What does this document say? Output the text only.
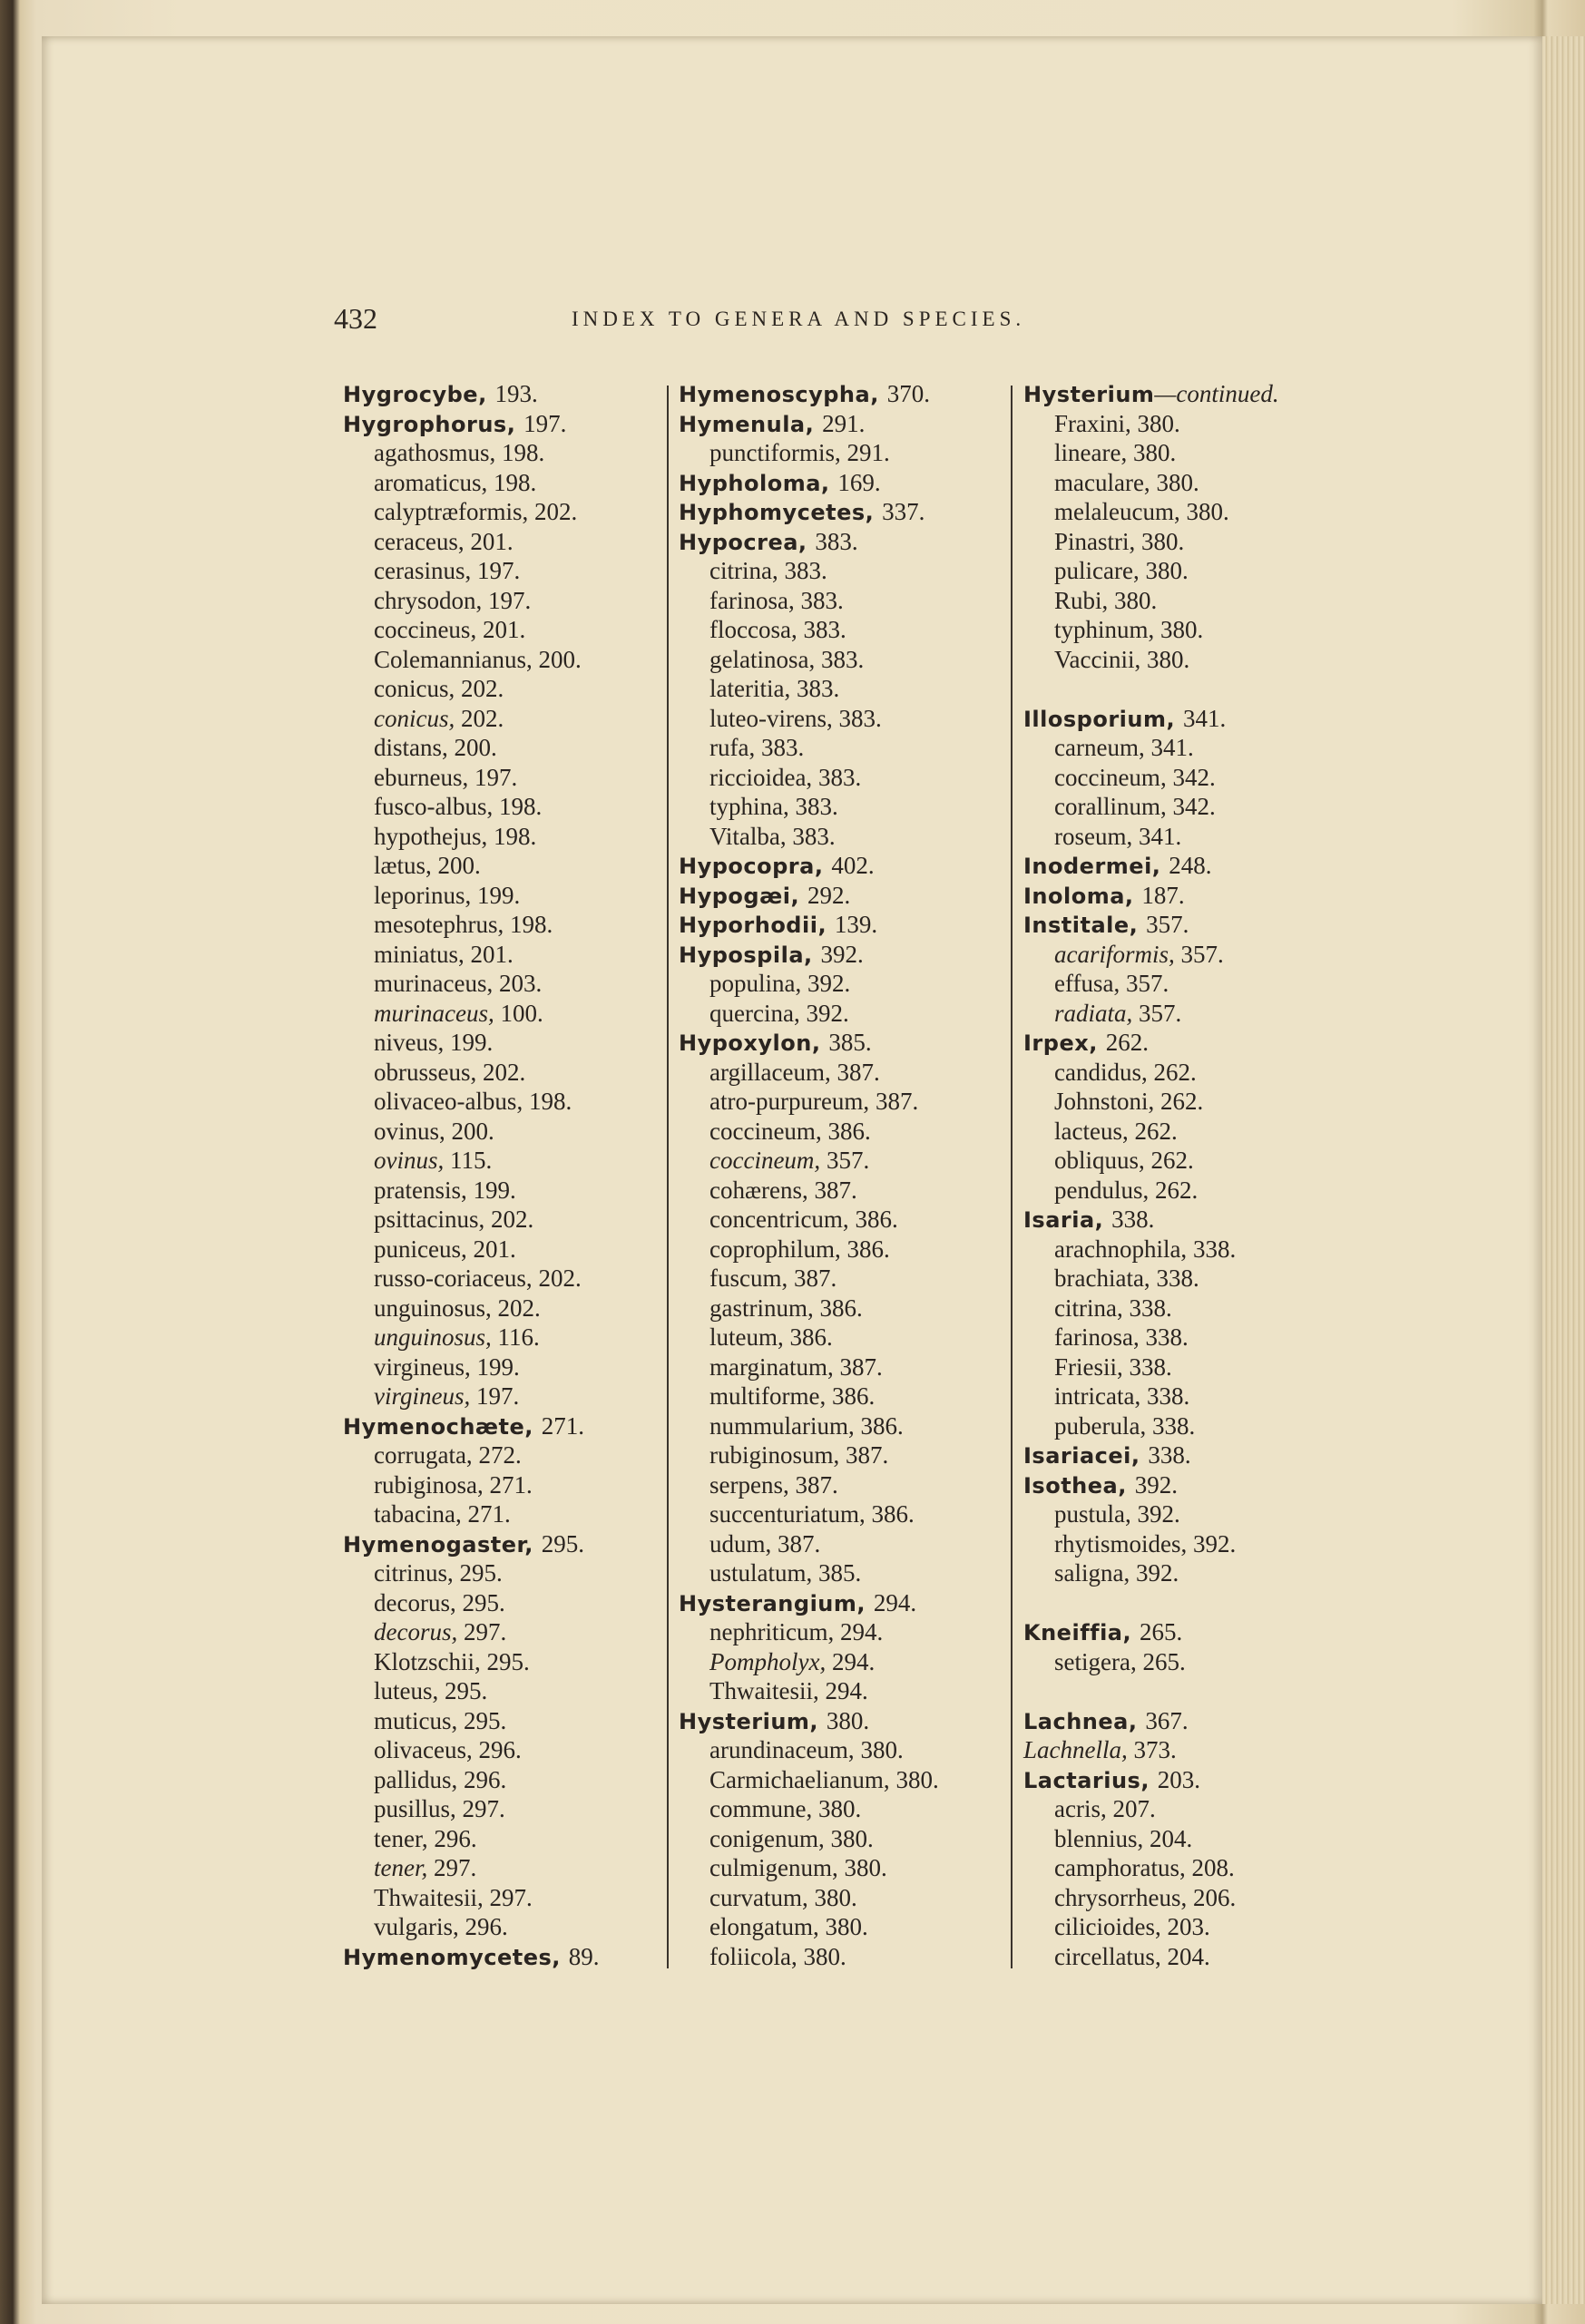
432	INDEX TO GENERA AND SPECIES.
Hygrocybe, 193.
Hygrophorus, 197.
agathosmus, 198.
aromaticus, 198.
calyptræformis, 202.
ceraceus, 201.
cerasinus, 197.
chrysodon, 197.
coccineus, 201.
Colemannianus, 200.
conicus, 202.
conicus, 202.
distans, 200.
eburneus, 197.
fusco-albus, 198.
hypothejus, 198.
lætus, 200.
leporinus, 199.
mesotephrus, 198.
miniatus, 201.
murinaceus, 203.
murinaceus, 100.
niveus, 199.
obrusseus, 202.
olivaceo-albus, 198.
ovinus, 200.
ovinus, 115.
pratensis, 199.
psittacinus, 202.
puniceus, 201.
russo-coriaceus, 202.
unguinosus, 202.
unguinosus, 116.
virgineus, 199.
virgineus, 197.
Hymenochæte, 271.
corrugata, 272.
rubiginosa, 271.
tabacina, 271.
Hymenogaster, 295.
citrinus, 295.
decorus, 295.
decorus, 297.
Klotzschii, 295.
luteus, 295.
muticus, 295.
olivaceus, 296.
pallidus, 296.
pusillus, 297.
tener, 296.
tener, 297.
Thwaitesii, 297.
vulgaris, 296.
Hymenomycetes, 89.
Hymenoscypha, 370.
Hymenula, 291.
punctiformis, 291.
Hypholoma, 169.
Hyphomycetes, 337.
Hypocrea, 383.
citrina, 383.
farinosa, 383.
floccosa, 383.
gelatinosa, 383.
lateritia, 383.
luteo-virens, 383.
rufa, 383.
riccioidea, 383.
typhina, 383.
Vitalba, 383.
Hypocopra, 402.
Hypogæi, 292.
Hyporhodii, 139.
Hypospila, 392.
populina, 392.
quercina, 392.
Hypoxylon, 385.
argillaceum, 387.
atro-purpureum, 387.
coccineum, 386.
coccineum, 357.
cohærens, 387.
concentricum, 386.
coprophilum, 386.
fuscum, 387.
gastrinum, 386.
luteum, 386.
marginatum, 387.
multiforme, 386.
nummularium, 386.
rubiginosum, 387.
serpens, 387.
succenturiatum, 386.
udum, 387.
ustulatum, 385.
Hysterangium, 294.
nephriticum, 294.
Pompholyx, 294.
Thwaitesii, 294.
Hysterium, 380.
arundinaceum, 380.
Carmichaelianum, 380.
commune, 380.
conigenum, 380.
culmigenum, 380.
curvatum, 380.
elongatum, 380.
foliicola, 380.
Hysterium—continued.
Fraxini, 380.
lineare, 380.
maculare, 380.
melaleucum, 380.
Pinastri, 380.
pulicare, 380.
Rubi, 380.
typhinum, 380.
Vaccinii, 380.
Illosporium, 341.
carneum, 341.
coccineum, 342.
corallinum, 342.
roseum, 341.
Inodermei, 248.
Inoloma, 187.
Institale, 357.
acariformis, 357.
effusa, 357.
radiata, 357.
Irpex, 262.
candidus, 262.
Johnstoni, 262.
lacteus, 262.
obliquus, 262.
pendulus, 262.
Isaria, 338.
arachnophila, 338.
brachiata, 338.
citrina, 338.
farinosa, 338.
Friesii, 338.
intricata, 338.
puberula, 338.
Isariacei, 338.
Isothea, 392.
pustula, 392.
rhytismoides, 392.
saligna, 392.
Kneiffia, 265.
setigera, 265.
Lachnea, 367.
Lachnella, 373.
Lactarius, 203.
acris, 207.
blennius, 204.
camphoratus, 208.
chrysorrheus, 206.
cilicioides, 203.
circellatus, 204.
